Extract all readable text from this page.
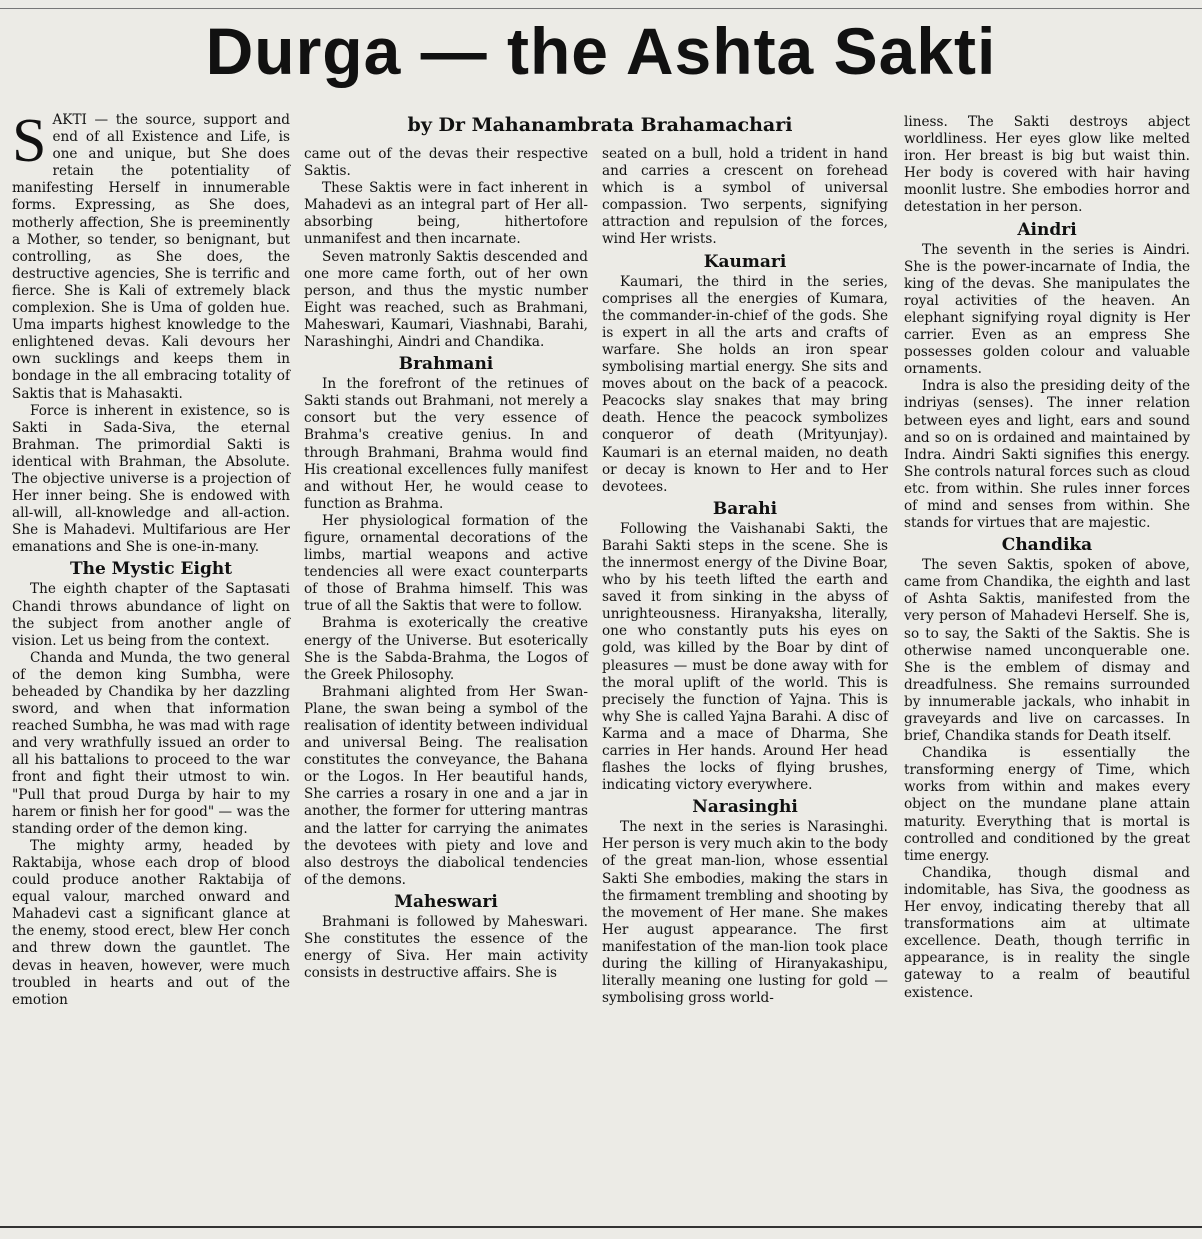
Durga — the Ashta Sakti
by Dr Mahanambrata Brahamachari
S AKTI — the source, support and end of all Existence and Life, is one and unique, but She does retain the potentiality of manifesting Herself in innumerable forms. Expressing, as She does, motherly affection, She is preeminently a Mother, so tender, so benignant, but controlling, as She does, the destructive agencies, She is terrific and fierce. She is Kali of extremely black complexion. She is Uma of golden hue. Uma imparts highest knowledge to the enlightened devas. Kali devours her own sucklings and keeps them in bondage in the all embracing totality of Saktis that is Mahasakti.

Force is inherent in existence, so is Sakti in Sada-Siva, the eternal Brahman. The primordial Sakti is identical with Brahman, the Absolute. The objective universe is a projection of Her inner being. She is endowed with all-will, all-knowledge and all-action. She is Mahadevi. Multifarious are Her emanations and She is one-in-many.

The Mystic Eight

The eighth chapter of the Saptasati Chandi throws abundance of light on the subject from another angle of vision. Let us being from the context.

Chanda and Munda, the two general of the demon king Sumbha, were beheaded by Chandika by her dazzling sword, and when that information reached Sumbha, he was mad with rage and very wrathfully issued an order to all his battalions to proceed to the war front and fight their utmost to win. "Pull that proud Durga by hair to my harem or finish her for good" — was the standing order of the demon king.

The mighty army, headed by Raktabija, whose each drop of blood could produce another Raktabija of equal valour, marched onward and Mahadevi cast a significant glance at the enemy, stood erect, blew Her conch and threw down the gauntlet. The devas in heaven, however, were much troubled in hearts and out of the emotion

came out of the devas their respective Saktis.

These Saktis were in fact inherent in Mahadevi as an integral part of Her all-absorbing being, hithertofore unmanifest and then incarnate.

Seven matronly Saktis descended and one more came forth, out of her own person, and thus the mystic number Eight was reached, such as Brahmani, Maheswari, Kaumari, Viashnabi, Barahi, Narashinghi, Aindri and Chandika.

Brahmani

In the forefront of the retinues of Sakti stands out Brahmani, not merely a consort but the very essence of Brahma's creative genius. In and through Brahmani, Brahma would find His creational excellences fully manifest and without Her, he would cease to function as Brahma.

Her physiological formation of the figure, ornamental decorations of the limbs, martial weapons and active tendencies all were exact counterparts of those of Brahma himself. This was true of all the Saktis that were to follow.

Brahma is exoterically the creative energy of the Universe. But esoterically She is the Sabda-Brahma, the Logos of the Greek Philosophy.

Brahmani alighted from Her Swan-Plane, the swan being a symbol of the realisation of identity between individual and universal Being. The realisation constitutes the conveyance, the Bahana or the Logos. In Her beautiful hands, She carries a rosary in one and a jar in another, the former for uttering mantras and the latter for carrying the animates the devotees with piety and love and also destroys the diabolical tendencies of the demons.

Maheswari

Brahmani is followed by Maheswari. She constitutes the essence of the energy of Siva. Her main activity consists in destructive affairs. She is

seated on a bull, hold a trident in hand and carries a crescent on forehead which is a symbol of universal compassion. Two serpents, signifying attraction and repulsion of the forces, wind Her wrists.

Kaumari

Kaumari, the third in the series, comprises all the energies of Kumara, the commander-in-chief of the gods. She is expert in all the arts and crafts of warfare. She holds an iron spear symbolising martial energy. She sits and moves about on the back of a peacock. Peacocks slay snakes that may bring death. Hence the peacock symbolizes conqueror of death (Mrityunjay). Kaumari is an eternal maiden, no death or decay is known to Her and to Her devotees.

Barahi

Following the Vaishanabi Sakti, the Barahi Sakti steps in the scene. She is the innermost energy of the Divine Boar, who by his teeth lifted the earth and saved it from sinking in the abyss of unrighteousness. Hiranyaksha, literally, one who constantly puts his eyes on gold, was killed by the Boar by dint of pleasures — must be done away with for the moral uplift of the world. This is precisely the function of Yajna. This is why She is called Yajna Barahi. A disc of Karma and a mace of Dharma, She carries in Her hands. Around Her head flashes the locks of flying brushes, indicating victory everywhere.

Narasinghi

The next in the series is Narasinghi. Her person is very much akin to the body of the great man-lion, whose essential Sakti She embodies, making the stars in the firmament trembling and shooting by the movement of Her mane. She makes Her august appearance. The first manifestation of the man-lion took place during the killing of Hiranyakashipu, literally meaning one lusting for gold — symbolising gross world-

liness. The Sakti destroys abject worldliness. Her eyes glow like melted iron. Her breast is big but waist thin. Her body is covered with hair having moonlit lustre. She embodies horror and detestation in her person.

Aindri

The seventh in the series is Aindri. She is the power-incarnate of India, the king of the devas. She manipulates the royal activities of the heaven. An elephant signifying royal dignity is Her carrier. Even as an empress She possesses golden colour and valuable ornaments.

Indra is also the presiding deity of the indriyas (senses). The inner relation between eyes and light, ears and sound and so on is ordained and maintained by Indra. Aindri Sakti signifies this energy. She controls natural forces such as cloud etc. from within. She rules inner forces of mind and senses from within. She stands for virtues that are majestic.

Chandika

The seven Saktis, spoken of above, came from Chandika, the eighth and last of Ashta Saktis, manifested from the very person of Mahadevi Herself. She is, so to say, the Sakti of the Saktis. She is otherwise named unconquerable one. She is the emblem of dismay and dreadfulness. She remains surrounded by innumerable jackals, who inhabit in graveyards and live on carcasses. In brief, Chandika stands for Death itself.

Chandika is essentially the transforming energy of Time, which works from within and makes every object on the mundane plane attain maturity. Everything that is mortal is controlled and conditioned by the great time energy.

Chandika, though dismal and indomitable, has Siva, the goodness as Her envoy, indicating thereby that all transformations aim at ultimate excellence. Death, though terrific in appearance, is in reality the single gateway to a realm of beautiful existence.
